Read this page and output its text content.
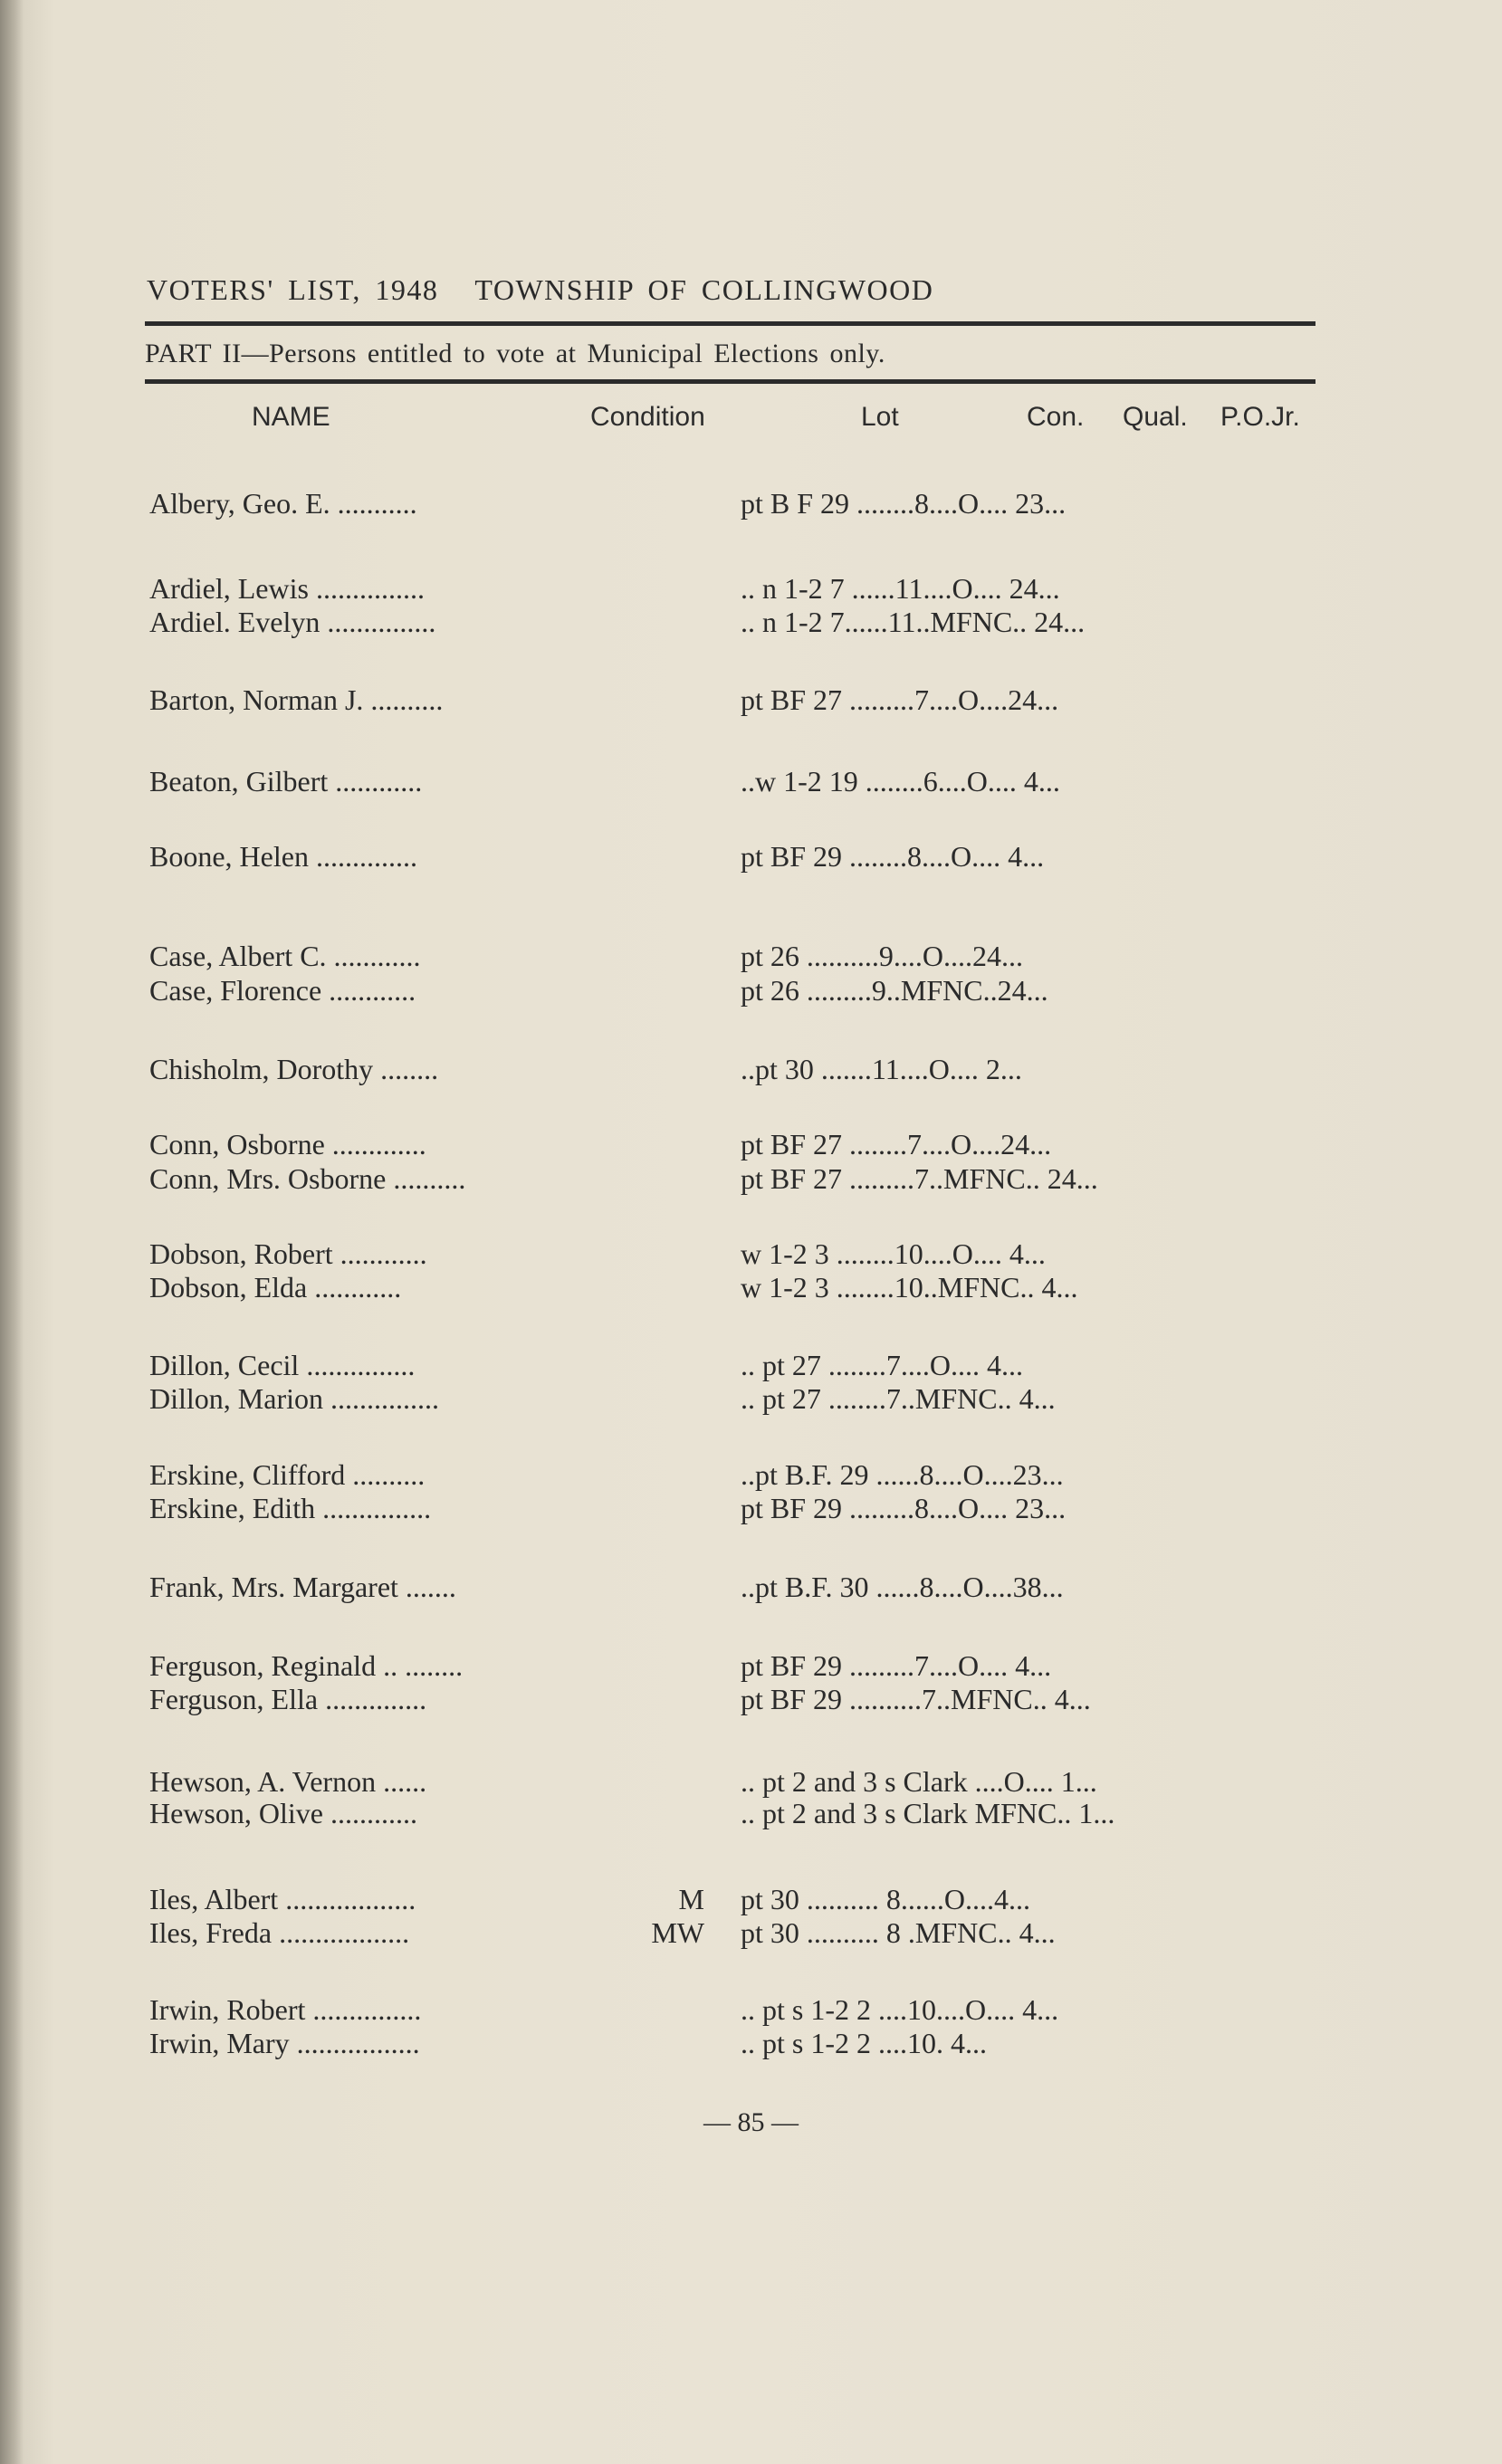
VOTERS' LIST, 1948 TOWNSHIP OF COLLINGWOOD
PART II—Persons entitled to vote at Municipal Elections only.
NAME	Condition	Lot	Con. Qual. P.O.Jr.
Albery, Geo. E. ...........	pt B F 29 ........8....O.... 23...
Ardiel, Lewis ...............	.. n 1-2 7 ......11....O.... 24...
Ardiel. Evelyn ...............	.. n 1-2 7......11..MFNC.. 24...
Barton, Norman J. ..........	pt BF 27 .........7....O....24...
Beaton, Gilbert ............	..w 1-2 19 ........6....O.... 4...
Boone, Helen ..............	pt BF 29 ........8....O.... 4...
Case, Albert C. ............	pt 26 ..........9....O....24...
Case, Florence ............	pt 26 .........9..MFNC..24...
Chisholm, Dorothy ........	..pt 30 .......11....O.... 2...
Conn, Osborne .............	pt BF 27 ........7....O....24...
Conn, Mrs. Osborne ..........	pt BF 27 .........7..MFNC.. 24...
Dobson, Robert ............	w 1-2 3 ........10....O.... 4...
Dobson, Elda ............	w 1-2 3 ........10..MFNC.. 4...
Dillon, Cecil ...............	.. pt 27 ........7....O.... 4...
Dillon, Marion ...............	.. pt 27 ........7..MFNC.. 4...
Erskine, Clifford ..........	..pt B.F. 29 ......8....O....23...
Erskine, Edith ...............	pt BF 29 .........8....O.... 23...
Frank, Mrs. Margaret .......	..pt B.F. 30 ......8....O....38...
Ferguson, Reginald .. ........	pt BF 29 .........7....O.... 4...
Ferguson, Ella ..............	pt BF 29 ..........7..MFNC.. 4...
Hewson, A. Vernon ......	.. pt 2 and 3 s Clark ....O.... 1...
Hewson, Olive ............	.. pt 2 and 3 s Clark MFNC.. 1...
Iles, Albert ..................	M pt 30 .......... 8......O....4...
Iles, Freda ..................	MW pt 30 .......... 8 .MFNC.. 4...
Irwin, Robert ...............	.. pt s 1-2 2 ....10....O.... 4...
Irwin, Mary .................	.. pt s 1-2 2 ....10. 4...
— 85 —
